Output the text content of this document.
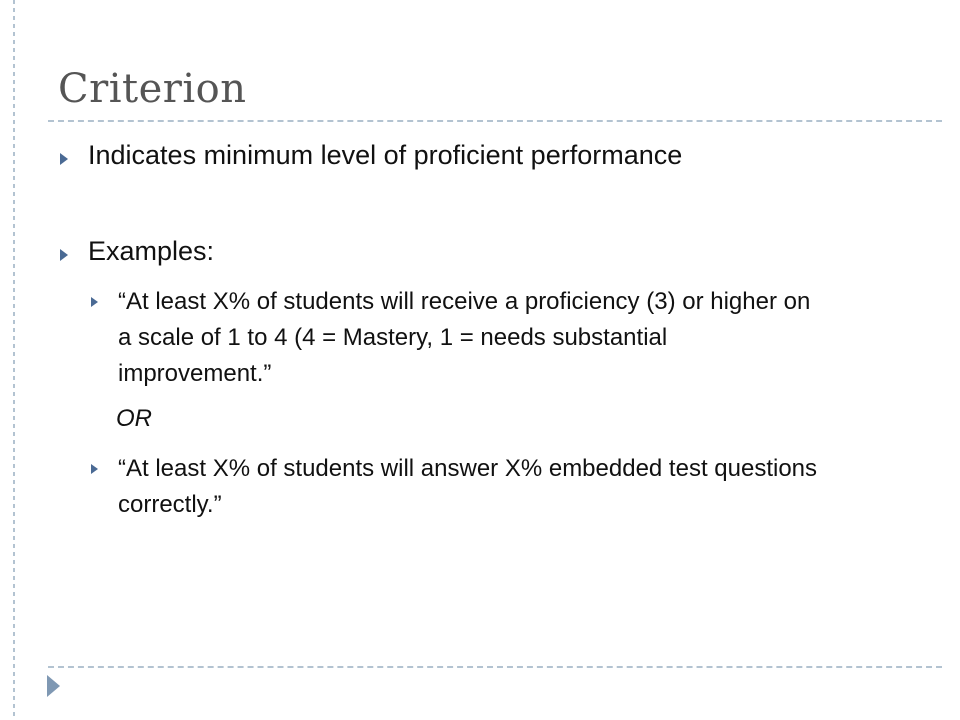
Criterion
Indicates minimum level of proficient performance
Examples:
“At least X% of students will receive a proficiency (3) or higher on a scale of 1 to 4 (4 = Mastery, 1 = needs substantial improvement.”
OR
“At least X% of students will answer X% embedded test questions correctly.”
